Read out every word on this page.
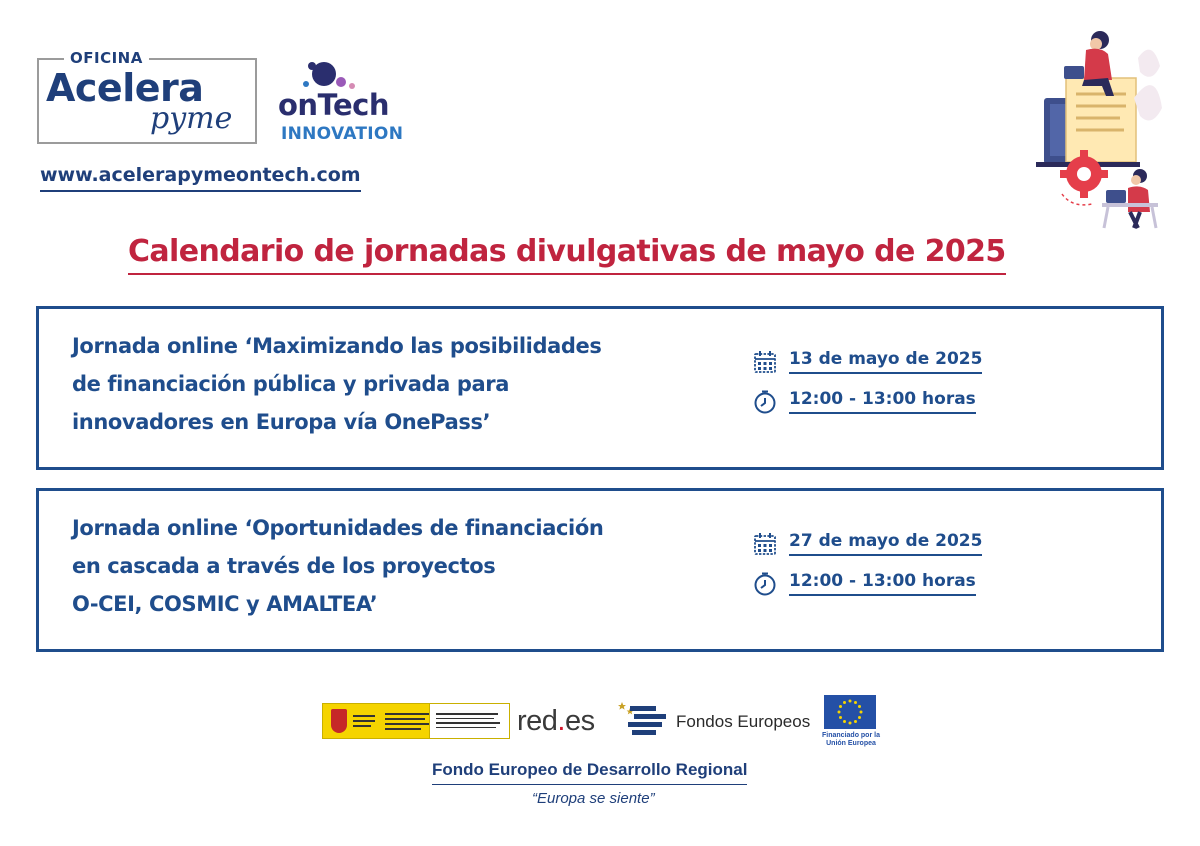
OFICINA
Acelera
pyme onTech
INNOVATION
www.acelerapymeontech.com
Calendario de jornadas divulgativas de mayo de 2025
Jornada online ‘Maximizando las posibilidades
de financiación pública y privada para
innovadores en Europa vía OnePass’
13 de mayo de 2025
12:00 - 13:00 horas
Jornada online ‘Oportunidades de financiación
en cascada a través de los proyectos
O-CEI, COSMIC y AMALTEA’
27 de mayo de 2025
12:00 - 13:00 horas
red.es	Fondos Europeos
Financiado por la Unión Europea
Fondo Europeo de Desarrollo Regional
“Europa se siente”
